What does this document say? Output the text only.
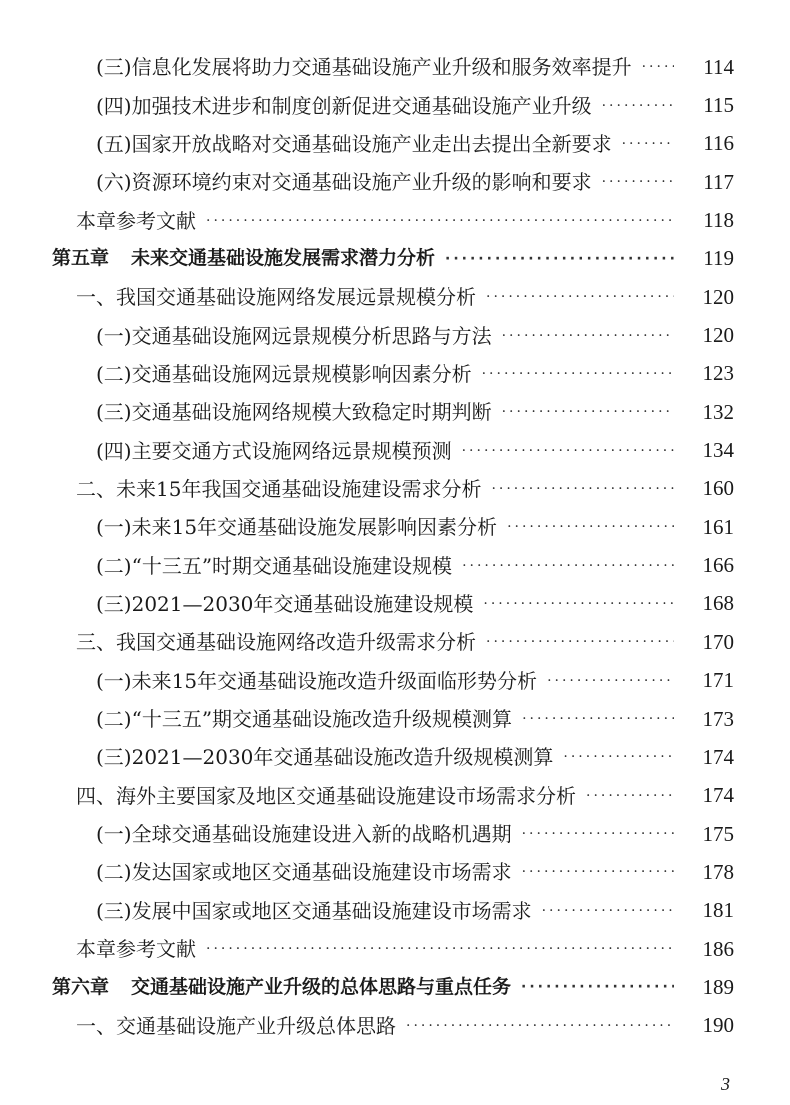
(三)信息化发展将助力交通基础设施产业升级和服务效率提升 ·····	114
(四)加强技术进步和制度创新促进交通基础设施产业升级 ·····	115
(五)国家开放战略对交通基础设施产业走出去提出全新要求 ·····	116
(六)资源环境约束对交通基础设施产业升级的影响和要求 ·····	117
本章参考文献 ·····	118
第五章 未来交通基础设施发展需求潜力分析 ·····	119
一、我国交通基础设施网络发展远景规模分析 ·····	120
(一)交通基础设施网远景规模分析思路与方法 ·····	120
(二)交通基础设施网远景规模影响因素分析 ·····	123
(三)交通基础设施网络规模大致稳定时期判断 ·····	132
(四)主要交通方式设施网络远景规模预测 ·····	134
二、未来15年我国交通基础设施建设需求分析 ·····	160
(一)未来15年交通基础设施发展影响因素分析 ·····	161
(二)“十三五”时期交通基础设施建设规模 ·····	166
(三)2021—2030年交通基础设施建设规模 ·····	168
三、我国交通基础设施网络改造升级需求分析 ·····	170
(一)未来15年交通基础设施改造升级面临形势分析 ·····	171
(二)“十三五”期交通基础设施改造升级规模测算 ·····	173
(三)2021—2030年交通基础设施改造升级规模测算 ·····	174
四、海外主要国家及地区交通基础设施建设市场需求分析 ·····	174
(一)全球交通基础设施建设进入新的战略机遇期 ·····	175
(二)发达国家或地区交通基础设施建设市场需求 ·····	178
(三)发展中国家或地区交通基础设施建设市场需求 ·····	181
本章参考文献 ·····	186
第六章 交通基础设施产业升级的总体思路与重点任务 ·····	189
一、交通基础设施产业升级总体思路 ·····	190
3
